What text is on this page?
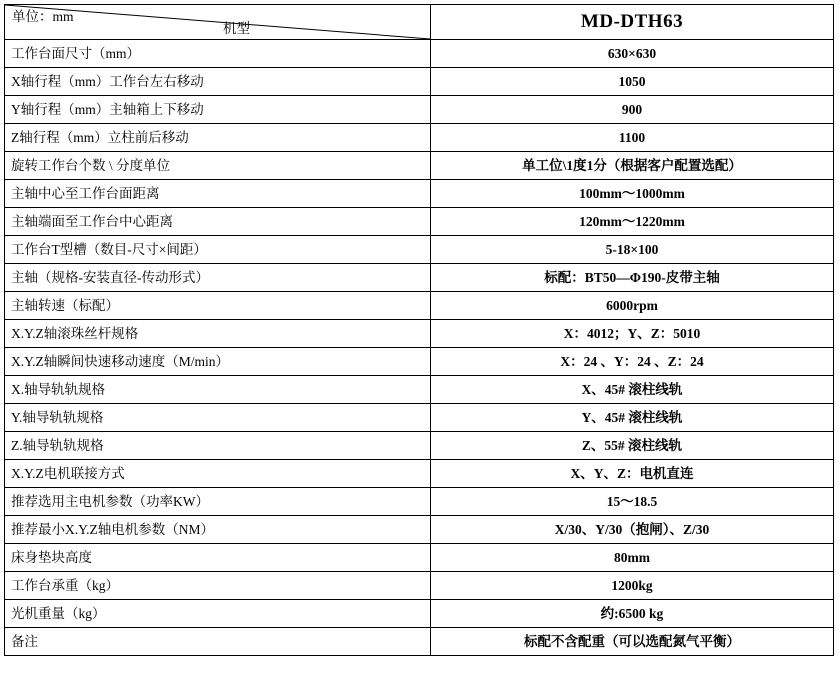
单位：mm
机型	MD-DTH63
工作台面尺寸（mm）	630×630
X轴行程（mm）工作台左右移动	1050
Y轴行程（mm）主轴箱上下移动	900
Z轴行程（mm）立柱前后移动	1100
旋转工作台个数 \ 分度单位	单工位\1度1分（根据客户配置选配）
主轴中心至工作台面距离	100mm～1000mm
主轴端面至工作台中心距离	120mm～1220mm
工作台T型槽（数目-尺寸×间距）	5-18×100
主轴（规格-安装直径-传动形式）	标配：BT50—Φ190-皮带主轴
主轴转速（标配）	6000rpm
X.Y.Z轴滚珠丝杆规格	X：4012；Y、Z：5010
X.Y.Z轴瞬间快速移动速度（M/min）	X：24 、Y：24 、Z：24
X.轴导轨轨规格	X、45# 滚柱线轨
Y.轴导轨轨规格	Y、45# 滚柱线轨
Z.轴导轨轨规格	Z、55# 滚柱线轨
X.Y.Z电机联接方式	X、Y、Z：电机直连
推荐选用主电机参数（功率KW）	15～18.5
推荐最小X.Y.Z轴电机参数（NM）	X/30、Y/30（抱闸）、Z/30
床身垫块高度	80mm
工作台承重（kg）	1200kg
光机重量（kg）	约:6500 kg
备注	标配不含配重（可以选配氮气平衡）
